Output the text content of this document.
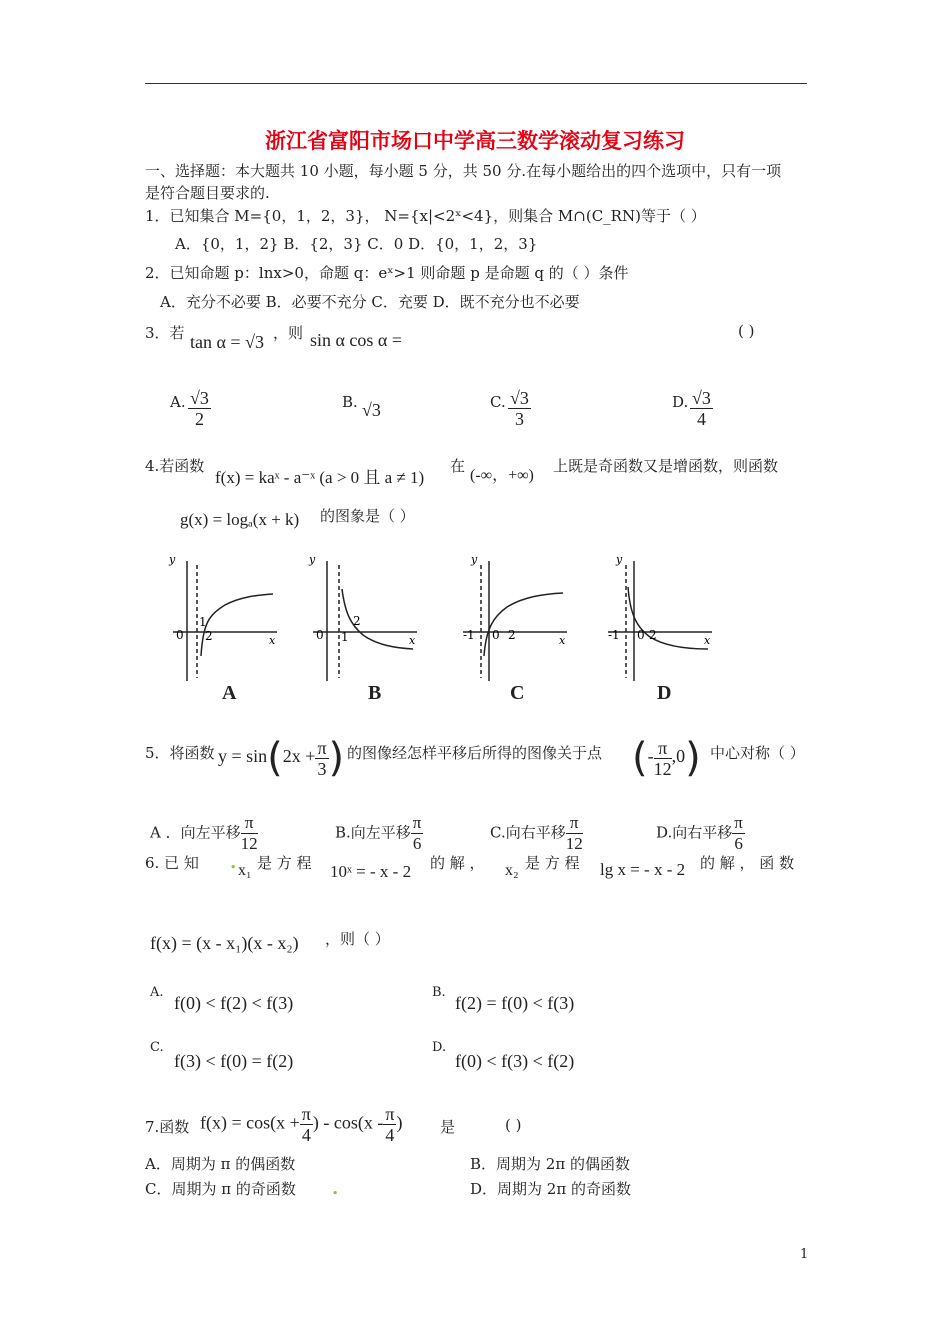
浙江省富阳市场口中学高三数学滚动复习练习
一、选择题：本大题共 10 小题，每小题 5 分，共 50 分.在每小题给出的四个选项中，只有一项
是符合题目要求的.
1．已知集合 M={0，1，2，3}， N={x|<2ˣ<4}，则集合 M∩(C_RN)等于（ ）
A．{0，1，2} B．{2，3} C．0 D．{0，1，2，3}
2．已知命题 p：lnx>0，命题 q：eˣ>1 则命题 p 是命题 q 的（ ）条件
A．充分不必要 B．必要不充分 C．充要 D．既不充分也不必要
3．若 tan α = √3 ，则 sin α cos α =	( )
A. $\frac{√3}{2}$	B. √3	C. $\frac{√3}{3}$	D. $\frac{√3}{4}$
4.若函数
f(x) = kaˣ - a⁻ˣ (a > 0 且 a ≠ 1)
在
(-∞，+∞)
上既是奇函数又是增函数，则函数
g(x) = logₐ(x + k) 的图象是（ ）
y
0
1
2	x
A
y
0 1
2
x
B
y
-1 0 2	x
C
y
-1 0 2	x
D
5．将函数 $y = \sin(2x + \frac{\pi}{3}$ ) 的图像经怎样平移后所得的图像关于点 (- $\frac{\pi}{12} ,0$) 中心对称（ ）
A ．向左平移 $\frac{\pi}{12}$	B.向左平移 $\frac{\pi}{6}$	C.向右平移 $\frac{\pi}{12}$	D.向右平移 $\frac{\pi}{6}$
6. 已 知 . x₁ 是 方 程 10ˣ = - x - 2 的 解 ， x₂ 是 方 程 lg x = - x - 2 的 解 ， 函 数
f(x) = (x - x₁)(x - x₂) ，则（ ）
A.
f(0) < f(2) < f(3)
B.
f(2) = f(0) < f(3)
C.
f(3) < f(0) = f(2)
D.
f(0) < f(3) < f(2)
7.函数 $f(x) = \cos(x + \frac{\pi}{4}$ ) - $\cos(x - \frac{\pi}{4}$ )	是	( )
A．周期为 π 的偶函数	B．周期为 2π 的偶函数
C．周期为 π 的奇函数 .	D．周期为 2π 的奇函数
1
